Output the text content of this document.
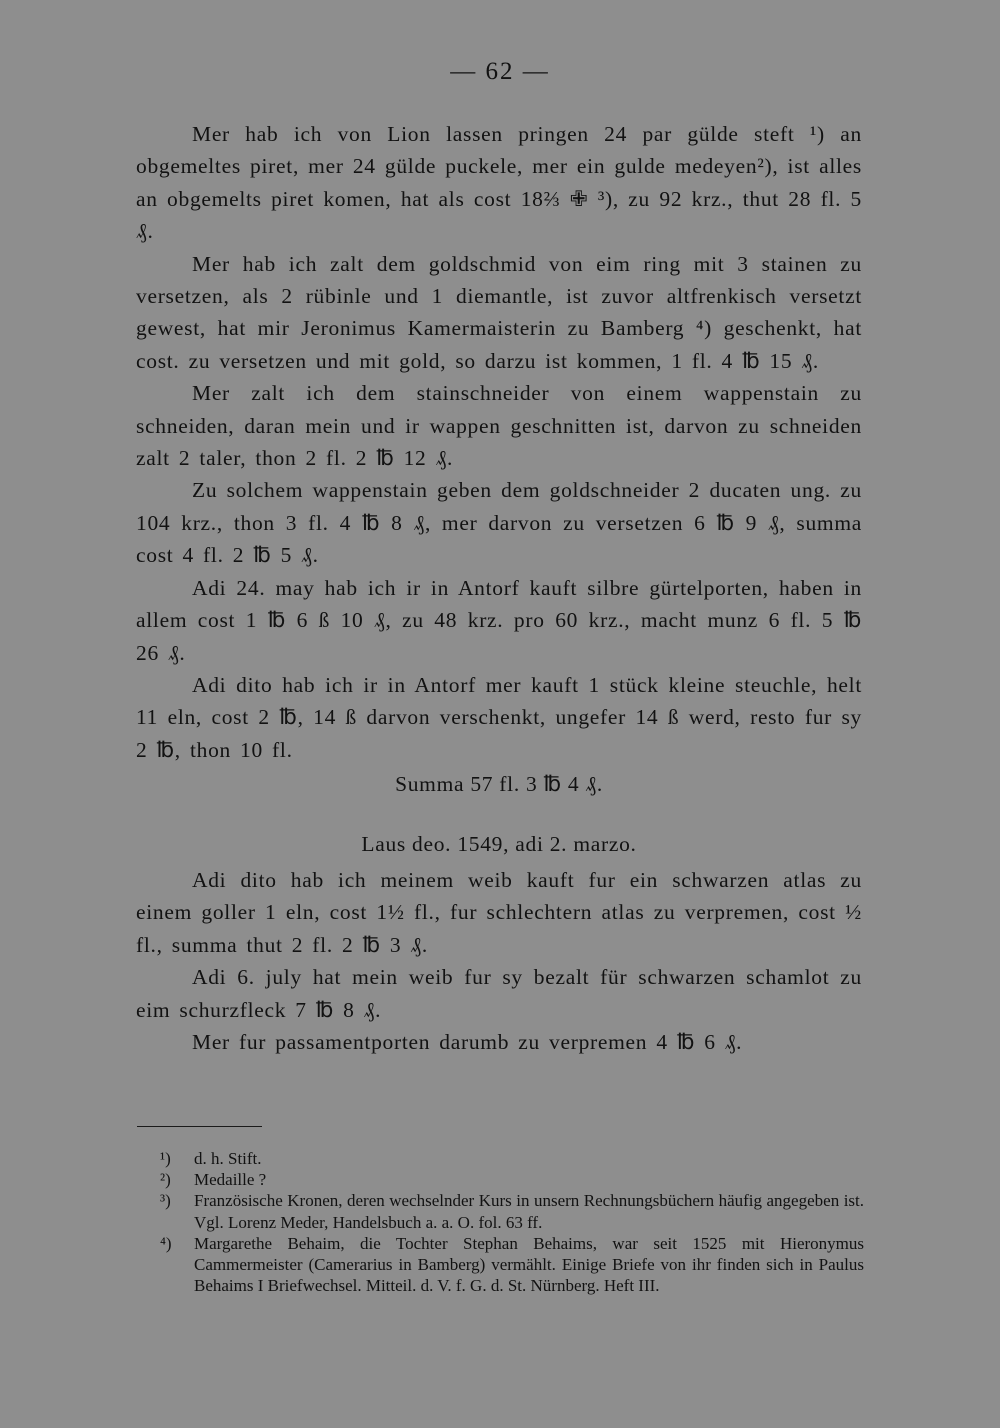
— 62 —

Mer hab ich von Lion lassen pringen 24 par gülde steft ¹) an obgemeltes piret, mer 24 gülde puckele, mer ein gulde medeyen²), ist alles an obgemelts piret komen, hat als cost 18⅔ ✙ ³), zu 92 krz., thut 28 fl. 5 ₰.

Mer hab ich zalt dem goldschmid von eim ring mit 3 stainen zu versetzen, als 2 rübinle und 1 diemantle, ist zuvor altfrenkisch versetzt gewest, hat mir Jeronimus Kamermaisterin zu Bamberg ⁴) geschenkt, hat cost. zu versetzen und mit gold, so darzu ist kommen, 1 fl. 4 ℔ 15 ₰.

Mer zalt ich dem stainschneider von einem wappenstain zu schneiden, daran mein und ir wappen geschnitten ist, darvon zu schneiden zalt 2 taler, thon 2 fl. 2 ℔ 12 ₰.

Zu solchem wappenstain geben dem goldschneider 2 ducaten ung. zu 104 krz., thon 3 fl. 4 ℔ 8 ₰, mer darvon zu versetzen 6 ℔ 9 ₰, summa cost 4 fl. 2 ℔ 5 ₰.

Adi 24. may hab ich ir in Antorf kauft silbre gürtelporten, haben in allem cost 1 ℔ 6 ß 10 ₰, zu 48 krz. pro 60 krz., macht munz 6 fl. 5 ℔ 26 ₰.

Adi dito hab ich ir in Antorf mer kauft 1 stück kleine steuchle, helt 11 eln, cost 2 ℔, 14 ß darvon verschenkt, ungefer 14 ß werd, resto fur sy 2 ℔, thon 10 fl.

Summa 57 fl. 3 ℔ 4 ₰.

Laus deo. 1549, adi 2. marzo.

Adi dito hab ich meinem weib kauft fur ein schwarzen atlas zu einem goller 1 eln, cost 1½ fl., fur schlechtern atlas zu verpremen, cost ½ fl., summa thut 2 fl. 2 ℔ 3 ₰.

Adi 6. july hat mein weib fur sy bezalt für schwarzen schamlot zu eim schurzfleck 7 ℔ 8 ₰.

Mer fur passamentporten darumb zu verpremen 4 ℔ 6 ₰.

¹) d. h. Stift.

²) Medaille ?

³) Französische Kronen, deren wechselnder Kurs in unsern Rechnungsbüchern häufig angegeben ist. Vgl. Lorenz Meder, Handelsbuch a. a. O. fol. 63 ff.

⁴) Margarethe Behaim, die Tochter Stephan Behaims, war seit 1525 mit Hieronymus Cammermeister (Camerarius in Bamberg) vermählt. Einige Briefe von ihr finden sich in Paulus Behaims I Briefwechsel. Mitteil. d. V. f. G. d. St. Nürnberg. Heft III.
